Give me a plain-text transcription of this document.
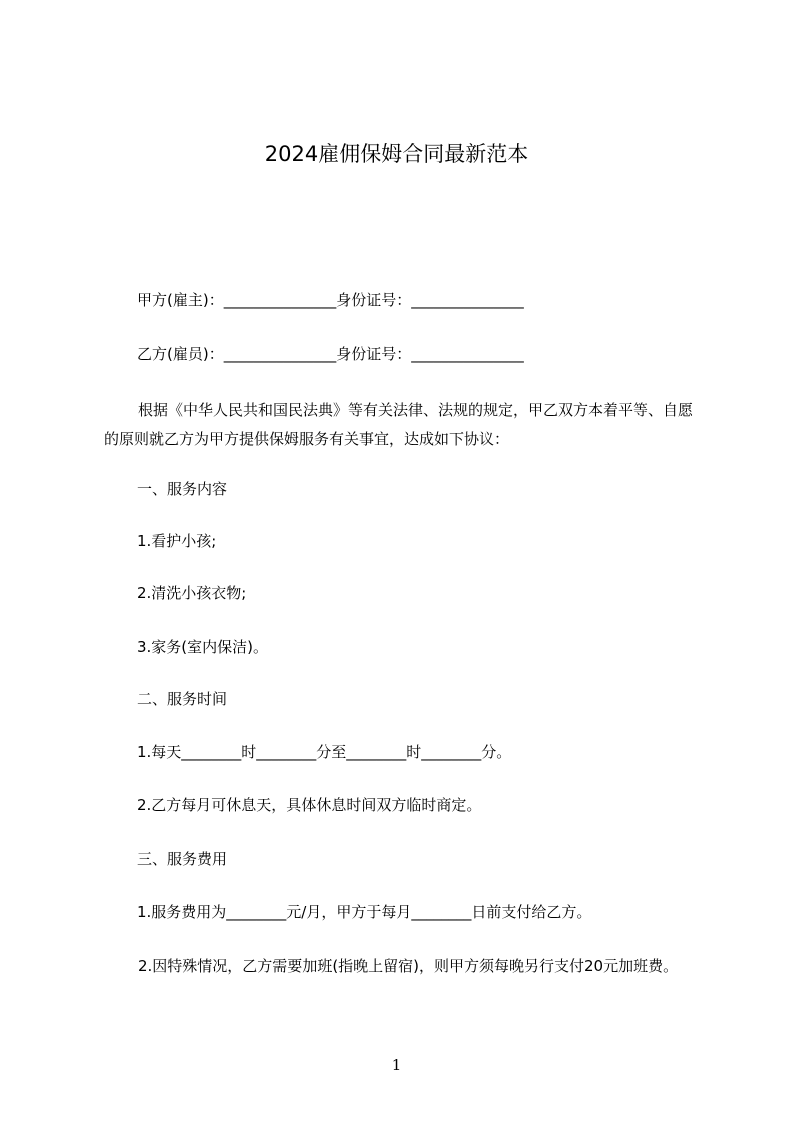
2024雇佣保姆合同最新范本
甲方(雇主)：_______________身份证号：_______________
乙方(雇员)：_______________身份证号：_______________
根据《中华人民共和国民法典》等有关法律、法规的规定，甲乙双方本着平等、自愿的原则就乙方为甲方提供保姆服务有关事宜，达成如下协议：
一、服务内容
1.看护小孩;
2.清洗小孩衣物;
3.家务(室内保洁)。
二、服务时间
1.每天________时________分至________时________分。
2.乙方每月可休息天，具体休息时间双方临时商定。
三、服务费用
1.服务费用为________元/月，甲方于每月________日前支付给乙方。
2.因特殊情况，乙方需要加班(指晚上留宿)，则甲方须每晚另行支付20元加班费。
1
